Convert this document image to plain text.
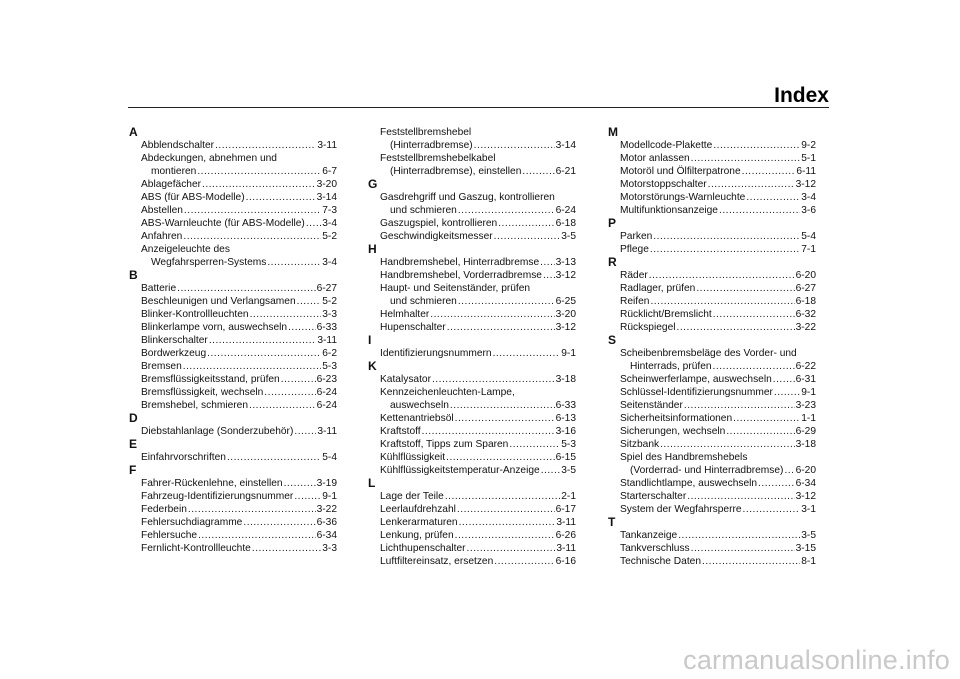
Index
A
Abblendschalter .....	3-11
Abdeckungen, abnehmen und
montieren .....	6-7
Ablagefächer .....	3-20
ABS (für ABS-Modelle) .....	3-14
Abstellen .....	7-3
ABS-Warnleuchte (für ABS-Modelle) ..... 3-4
Anfahren .....	5-2
Anzeigeleuchte des
Wegfahrsperren-Systems .....	3-4
B
Batterie .....	6-27
Beschleunigen und Verlangsamen .....	5-2
Blinker-Kontrollleuchten .....	3-3
Blinkerlampe vorn, auswechseln .....	6-33
Blinkerschalter .....	3-11
Bordwerkzeug .....	6-2
Bremsen .....	5-3
Bremsflüssigkeitsstand, prüfen .....	6-23
Bremsflüssigkeit, wechseln .....	6-24
Bremshebel, schmieren .....	6-24
D
Diebstahlanlage (Sonderzubehör) ..... 3-11
E
Einfahrvorschriften .....	5-4
F
Fahrer-Rückenlehne, einstellen .....	3-19
Fahrzeug-Identifizierungsnummer .....	9-1
Federbein .....	3-22
Fehlersuchdiagramme .....	6-36
Fehlersuche .....	6-34
Fernlicht-Kontrollleuchte .....	3-3
Feststellbremshebel
(Hinterradbremse) .....	3-14
Feststellbremshebelkabel
(Hinterradbremse), einstellen .....	6-21
G
Gasdrehgriff und Gaszug, kontrollieren
und schmieren .....	6-24
Gaszugspiel, kontrollieren .....	6-18
Geschwindigkeitsmesser .....	3-5
H
Handbremshebel, Hinterradbremse ..... 3-13
Handbremshebel, Vorderradbremse ..... 3-12
Haupt- und Seitenständer, prüfen
und schmieren .....	6-25
Helmhalter .....	3-20
Hupenschalter .....	3-12
I
Identifizierungsnummern .....	9-1
K
Katalysator .....	3-18
Kennzeichenleuchten-Lampe,
auswechseln .....	6-33
Kettenantriebsöl .....	6-13
Kraftstoff .....	3-16
Kraftstoff, Tipps zum Sparen .....	5-3
Kühlflüssigkeit .....	6-15
Kühlflüssigkeitstemperatur-Anzeige ..... 3-5
L
Lage der Teile .....	2-1
Leerlaufdrehzahl .....	6-17
Lenkerarmaturen .....	3-11
Lenkung, prüfen .....	6-26
Lichthupenschalter .....	3-11
Luftfiltereinsatz, ersetzen .....	6-16
M
Modellcode-Plakette .....	9-2
Motor anlassen .....	5-1
Motoröl und Ölfilterpatrone .....	6-11
Motorstoppschalter .....	3-12
Motorstörungs-Warnleuchte .....	3-4
Multifunktionsanzeige .....	3-6
P
Parken .....	5-4
Pflege .....	7-1
R
Räder .....	6-20
Radlager, prüfen .....	6-27
Reifen .....	6-18
Rücklicht/Bremslicht .....	6-32
Rückspiegel .....	3-22
S
Scheibenbremsbeläge des Vorder- und
Hinterrads, prüfen .....	6-22
Scheinwerferlampe, auswechseln ..... 6-31
Schlüssel-Identifizierungsnummer .....	9-1
Seitenständer .....	3-23
Sicherheitsinformationen .....	1-1
Sicherungen, wechseln .....	6-29
Sitzbank .....	3-18
Spiel des Handbremshebels
(Vorderrad- und Hinterradbremse) ..... 6-20
Standlichtlampe, auswechseln .....	6-34
Starterschalter .....	3-12
System der Wegfahrsperre .....	3-1
T
Tankanzeige .....	3-5
Tankverschluss .....	3-15
Technische Daten .....	8-1
carmanualsonline.info
